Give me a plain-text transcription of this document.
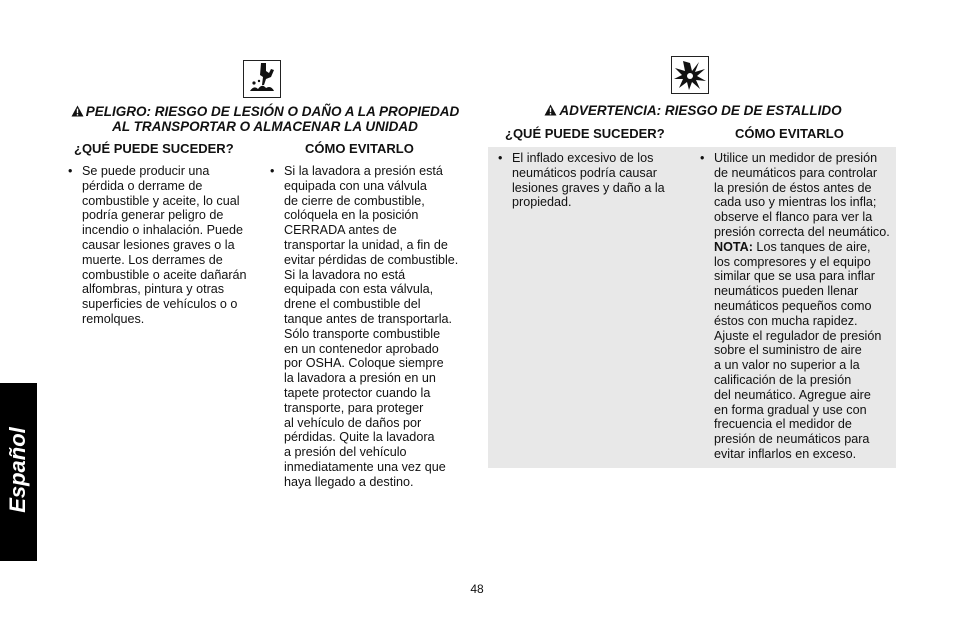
PELIGRO: RIESGO DE LESIÓN O DAÑO A LA PROPIEDAD
AL TRANSPORTAR O ALMACENAR LA UNIDAD
¿QUÉ PUEDE SUCEDER?	CÓMO EVITARLO
• Se puede producir una
pérdida o derrame de
combustible y aceite, lo cual
podría generar peligro de
incendio o inhalación. Puede
causar lesiones graves o la
muerte. Los derrames de
combustible o aceite dañarán
alfombras, pintura y otras
superficies de vehículos o o
remolques.
• Si la lavadora a presión está
equipada con una válvula
de cierre de combustible,
colóquela en la posición
CERRADA antes de
transportar la unidad, a fin de
evitar pérdidas de combustible.
Si la lavadora no está
equipada con esta válvula,
drene el combustible del
tanque antes de transportarla.
Sólo transporte combustible
en un contenedor aprobado
por OSHA. Coloque siempre
la lavadora a presión en un
tapete protector cuando la
transporte, para proteger
al vehículo de daños por
pérdidas. Quite la lavadora
a presión del vehículo
inmediatamente una vez que
haya llegado a destino.
ADVERTENCIA: RIESGO DE DE ESTALLIDO
¿QUÉ PUEDE SUCEDER?	CÓMO EVITARLO
• El inflado excesivo de los
neumáticos podría causar
lesiones graves y daño a la
propiedad.
• Utilice un medidor de presión
de neumáticos para controlar
la presión de éstos antes de
cada uso y mientras los infla;
observe el flanco para ver la
presión correcta del neumático.
NOTA: Los tanques de aire,
los compresores y el equipo
similar que se usa para inflar
neumáticos pueden llenar
neumáticos pequeños como
éstos con mucha rapidez.
Ajuste el regulador de presión
sobre el suministro de aire
a un valor no superior a la
calificación de la presión
del neumático. Agregue aire
en forma gradual y use con
frecuencia el medidor de
presión de neumáticos para
evitar inflarlos en exceso.
Español
48
